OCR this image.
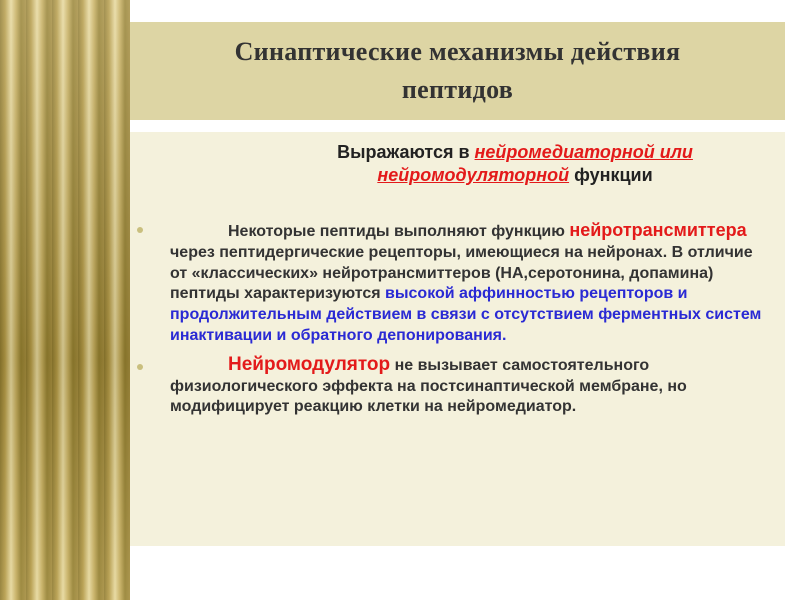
Синаптические механизмы действия
пептидов
Выражаются в нейромедиаторной или
нейромодуляторной функции
Некоторые пептиды выполняют функцию нейротрансмиттера через пептидергические рецепторы, имеющиеся на нейронах. В отличие от «классических» нейротрансмиттеров (НА,серотонина, допамина) пептиды характеризуются высокой аффинностью рецепторов и продолжительным действием в связи с отсутствием ферментных систем инактивации и обратного депонирования.
Нейромодулятор не вызывает самостоятельного физиологического эффекта на постсинаптической мембране, но модифицирует реакцию клетки на нейромедиатор.
